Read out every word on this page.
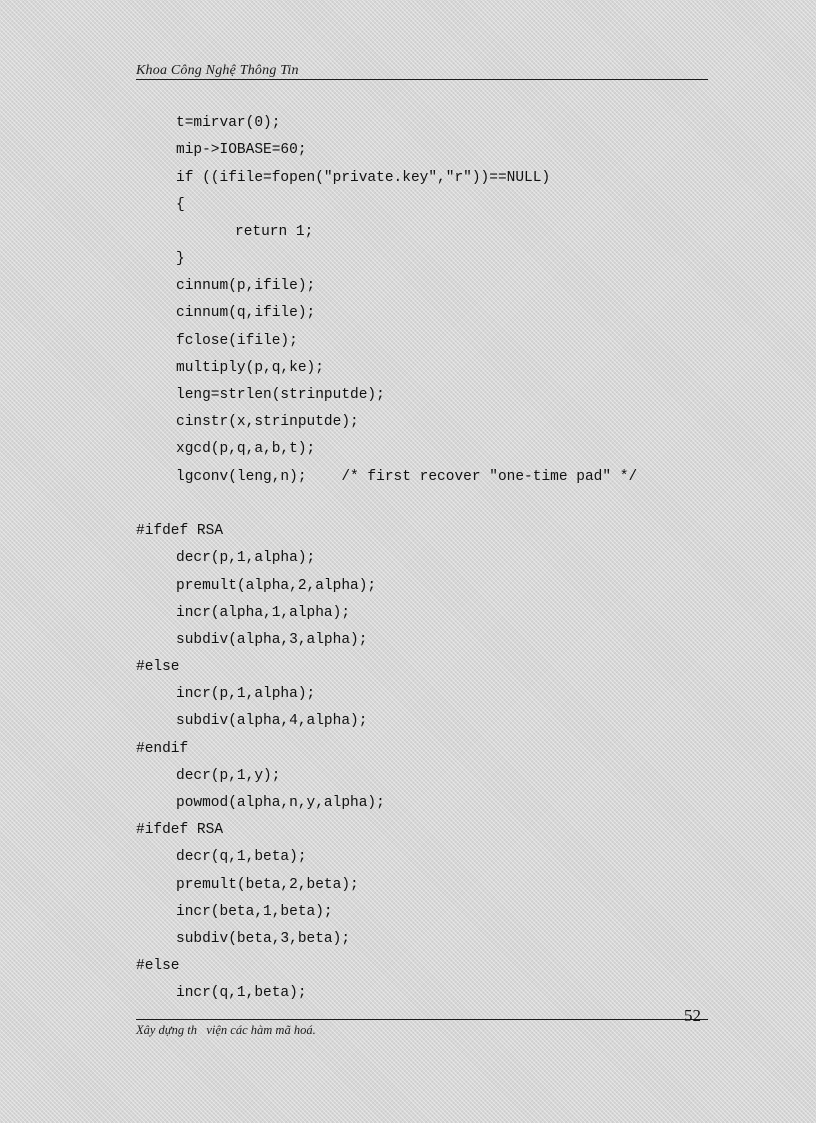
Khoa Công Nghệ Thông Tin
t=mirvar(0);
mip->IOBASE=60;
if ((ifile=fopen("private.key","r"))==NULL)
{
return 1;
}
cinnum(p,ifile);
cinnum(q,ifile);
fclose(ifile);
multiply(p,q,ke);
leng=strlen(strinputde);
cinstr(x,strinputde);
xgcd(p,q,a,b,t);
lgconv(leng,n);    /* first recover "one-time pad" */
#ifdef RSA
decr(p,1,alpha);
premult(alpha,2,alpha);
incr(alpha,1,alpha);
subdiv(alpha,3,alpha);
#else
incr(p,1,alpha);
subdiv(alpha,4,alpha);
#endif
decr(p,1,y);
powmod(alpha,n,y,alpha);
#ifdef RSA
decr(q,1,beta);
premult(beta,2,beta);
incr(beta,1,beta);
subdiv(beta,3,beta);
#else
incr(q,1,beta);
52
Xây dựng th   viện các hàm mã hoá.
